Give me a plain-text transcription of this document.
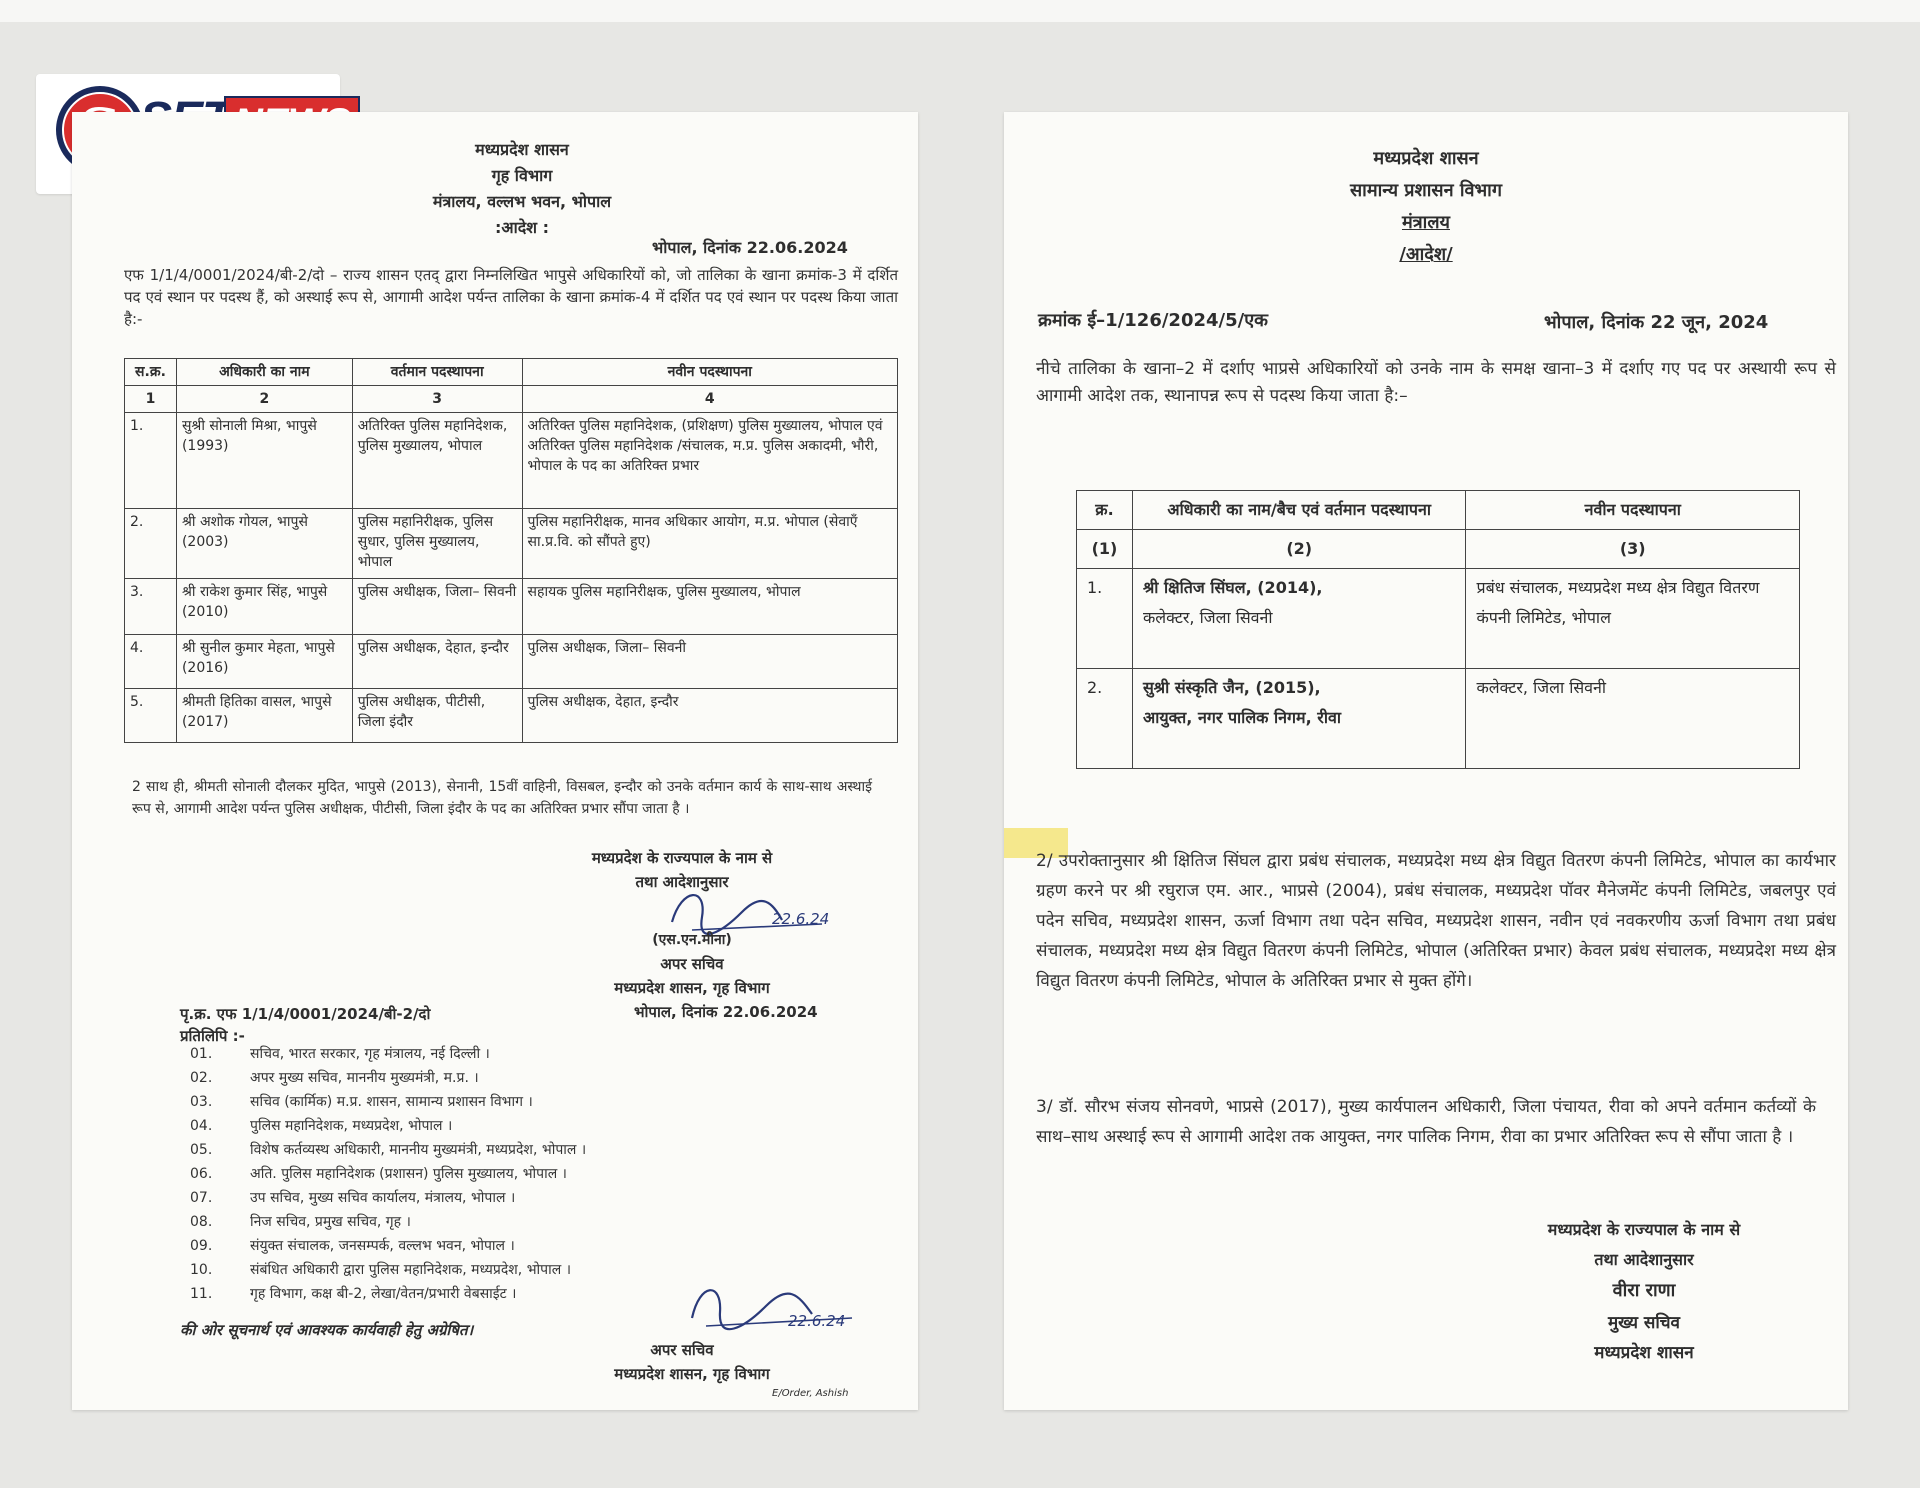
मध्यप्रदेश शासन
गृह विभाग
मंत्रालय, वल्लभ भवन, भोपाल
:आदेश :
भोपाल, दिनांक 22.06.2024
एफ 1/1/4/0001/2024/बी-2/दो – राज्य शासन एतद् द्वारा निम्नलिखित भापुसे अधिकारियों को, जो तालिका के खाना क्रमांक-3 में दर्शित पद एवं स्थान पर पदस्थ हैं, को अस्थाई रूप से, आगामी आदेश पर्यन्त तालिका के खाना क्रमांक-4 में दर्शित पद एवं स्थान पर पदस्थ किया जाता है:-
स.क्र.	अधिकारी का नाम	वर्तमान पदस्थापना	नवीन पदस्थापना
1	2	3	4
1.	सुश्री सोनाली मिश्रा, भापुसे (1993)	अतिरिक्त पुलिस महानिदेशक, पुलिस मुख्यालय, भोपाल	अतिरिक्त पुलिस महानिदेशक, (प्रशिक्षण) पुलिस मुख्यालय, भोपाल एवं अतिरिक्त पुलिस महानिदेशक /संचालक, म.प्र. पुलिस अकादमी, भौरी, भोपाल के पद का अतिरिक्त प्रभार
2.	श्री अशोक गोयल, भापुसे (2003)	पुलिस महानिरीक्षक, पुलिस सुधार, पुलिस मुख्यालय, भोपाल	पुलिस महानिरीक्षक, मानव अधिकार आयोग, म.प्र. भोपाल (सेवाएँ सा.प्र.वि. को सौंपते हुए)
3.	श्री राकेश कुमार सिंह, भापुसे (2010)	पुलिस अधीक्षक, जिला– सिवनी	सहायक पुलिस महानिरीक्षक, पुलिस मुख्यालय, भोपाल
4.	श्री सुनील कुमार मेहता, भापुसे (2016)	पुलिस अधीक्षक, देहात, इन्दौर	पुलिस अधीक्षक, जिला– सिवनी
5.	श्रीमती हितिका वासल, भापुसे (2017)	पुलिस अधीक्षक, पीटीसी, जिला इंदौर	पुलिस अधीक्षक, देहात, इन्दौर
2 साथ ही, श्रीमती सोनाली दौलकर मुदित, भापुसे (2013), सेनानी, 15वीं वाहिनी, विसबल, इन्दौर को उनके वर्तमान कार्य के साथ-साथ अस्थाई रूप से, आगामी आदेश पर्यन्त पुलिस अधीक्षक, पीटीसी, जिला इंदौर के पद का अतिरिक्त प्रभार सौंपा जाता है ।
मध्यप्रदेश के राज्यपाल के नाम से
तथा आदेशानुसार
22.6.24
(एस.एन.मीना)
अपर सचिव
मध्यप्रदेश शासन, गृह विभाग
पृ.क्र. एफ 1/1/4/0001/2024/बी-2/दो	भोपाल, दिनांक 22.06.2024
प्रतिलिपि :-
01.	सचिव, भारत सरकार, गृह मंत्रालय, नई दिल्ली ।
02.	अपर मुख्य सचिव, माननीय मुख्यमंत्री, म.प्र. ।
03.	सचिव (कार्मिक) म.प्र. शासन, सामान्य प्रशासन विभाग ।
04.	पुलिस महानिदेशक, मध्यप्रदेश, भोपाल ।
05.	विशेष कर्तव्यस्थ अधिकारी, माननीय मुख्यमंत्री, मध्यप्रदेश, भोपाल ।
06.	अति. पुलिस महानिदेशक (प्रशासन) पुलिस मुख्यालय, भोपाल ।
07.	उप सचिव, मुख्य सचिव कार्यालय, मंत्रालय, भोपाल ।
08.	निज सचिव, प्रमुख सचिव, गृह ।
09.	संयुक्त संचालक, जनसम्पर्क, वल्लभ भवन, भोपाल ।
10.	संबंधित अधिकारी द्वारा पुलिस महानिदेशक, मध्यप्रदेश, भोपाल ।
11.	गृह विभाग, कक्ष बी-2, लेखा/वेतन/प्रभारी वेबसाईट ।
की ओर सूचनार्थ एवं आवश्यक कार्यवाही हेतु अग्रेषित।	22.6.24
अपर सचिव
मध्यप्रदेश शासन, गृह विभाग
E/Order, Ashish
मध्यप्रदेश शासन
सामान्य प्रशासन विभाग
मंत्रालय
/आदेश/
क्रमांक ई–1/126/2024/5/एक	भोपाल, दिनांक 22 जून, 2024
नीचे तालिका के खाना–2 में दर्शाए भाप्रसे अधिकारियों को उनके नाम के समक्ष खाना–3 में दर्शाए गए पद पर अस्थायी रूप से आगामी आदेश तक, स्थानापन्न रूप से पदस्थ किया जाता है:–
क्र.	अधिकारी का नाम/बैच एवं वर्तमान पदस्थापना	नवीन पदस्थापना
(1)	(2)	(3)
1.	श्री क्षितिज सिंघल, (2014),
कलेक्टर, जिला सिवनी	प्रबंध संचालक, मध्यप्रदेश मध्य क्षेत्र विद्युत वितरण कंपनी लिमिटेड, भोपाल
2.	सुश्री संस्कृति जैन, (2015),
आयुक्त, नगर पालिक निगम, रीवा	कलेक्टर, जिला सिवनी
2/ उपरोक्तानुसार श्री क्षितिज सिंघल द्वारा प्रबंध संचालक, मध्यप्रदेश मध्य क्षेत्र विद्युत वितरण कंपनी लिमिटेड, भोपाल का कार्यभार ग्रहण करने पर श्री रघुराज एम. आर., भाप्रसे (2004), प्रबंध संचालक, मध्यप्रदेश पॉवर मैनेजमेंट कंपनी लिमिटेड, जबलपुर एवं पदेन सचिव, मध्यप्रदेश शासन, ऊर्जा विभाग तथा पदेन सचिव, मध्यप्रदेश शासन, नवीन एवं नवकरणीय ऊर्जा विभाग तथा प्रबंध संचालक, मध्यप्रदेश मध्य क्षेत्र विद्युत वितरण कंपनी लिमिटेड, भोपाल (अतिरिक्त प्रभार) केवल प्रबंध संचालक, मध्यप्रदेश मध्य क्षेत्र विद्युत वितरण कंपनी लिमिटेड, भोपाल के अतिरिक्त प्रभार से मुक्त होंगे।
3/ डॉ. सौरभ संजय सोनवणे, भाप्रसे (2017), मुख्य कार्यपालन अधिकारी, जिला पंचायत, रीवा को अपने वर्तमान कर्तव्यों के साथ–साथ अस्थाई रूप से आगामी आदेश तक आयुक्त, नगर पालिक निगम, रीवा का प्रभार अतिरिक्त रूप से सौंपा जाता है ।
मध्यप्रदेश के राज्यपाल के नाम से
तथा आदेशानुसार
वीरा राणा
मुख्य सचिव
मध्यप्रदेश शासन
